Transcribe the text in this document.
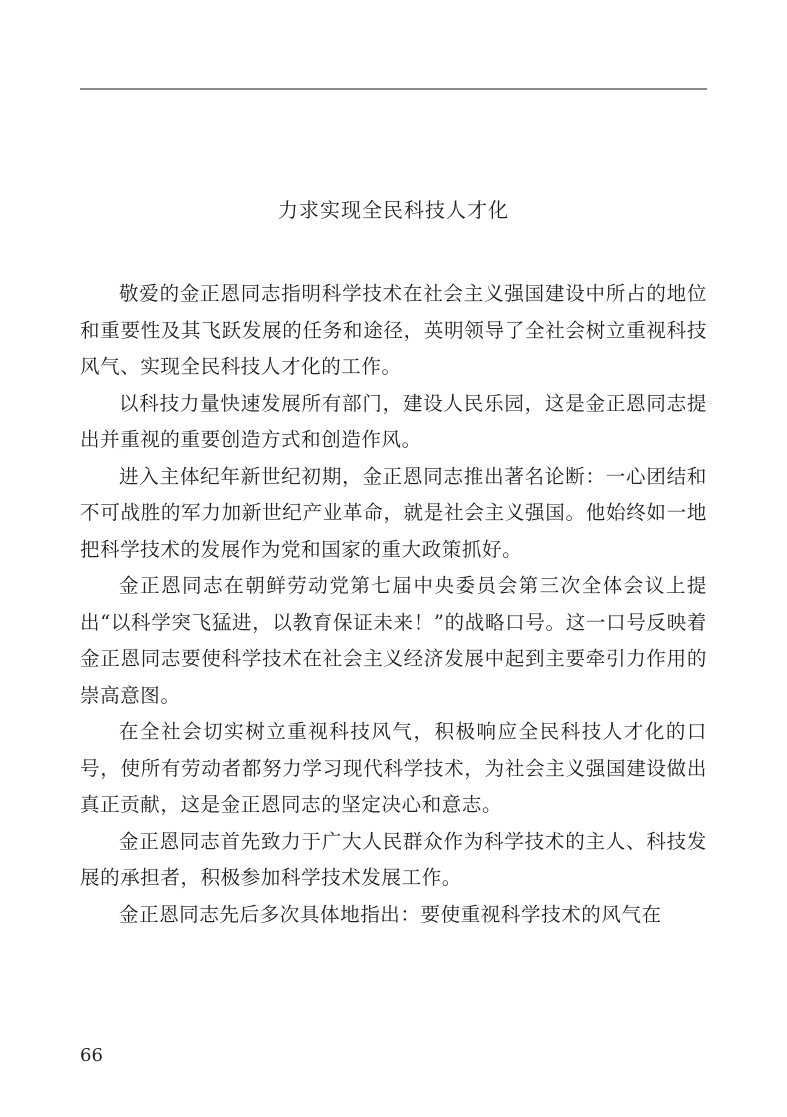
力求实现全民科技人才化

敬爱的金正恩同志指明科学技术在社会主义强国建设中所占的地位和重要性及其飞跃发展的任务和途径，英明领导了全社会树立重视科技风气、实现全民科技人才化的工作。

以科技力量快速发展所有部门，建设人民乐园，这是金正恩同志提出并重视的重要创造方式和创造作风。

进入主体纪年新世纪初期，金正恩同志推出著名论断：一心团结和不可战胜的军力加新世纪产业革命，就是社会主义强国。他始终如一地把科学技术的发展作为党和国家的重大政策抓好。

金正恩同志在朝鲜劳动党第七届中央委员会第三次全体会议上提出“以科学突飞猛进，以教育保证未来！”的战略口号。这一口号反映着金正恩同志要使科学技术在社会主义经济发展中起到主要牵引力作用的崇高意图。

在全社会切实树立重视科技风气，积极响应全民科技人才化的口号，使所有劳动者都努力学习现代科学技术，为社会主义强国建设做出真正贡献，这是金正恩同志的坚定决心和意志。

金正恩同志首先致力于广大人民群众作为科学技术的主人、科技发展的承担者，积极参加科学技术发展工作。

金正恩同志先后多次具体地指出：要使重视科学技术的风气在

66
